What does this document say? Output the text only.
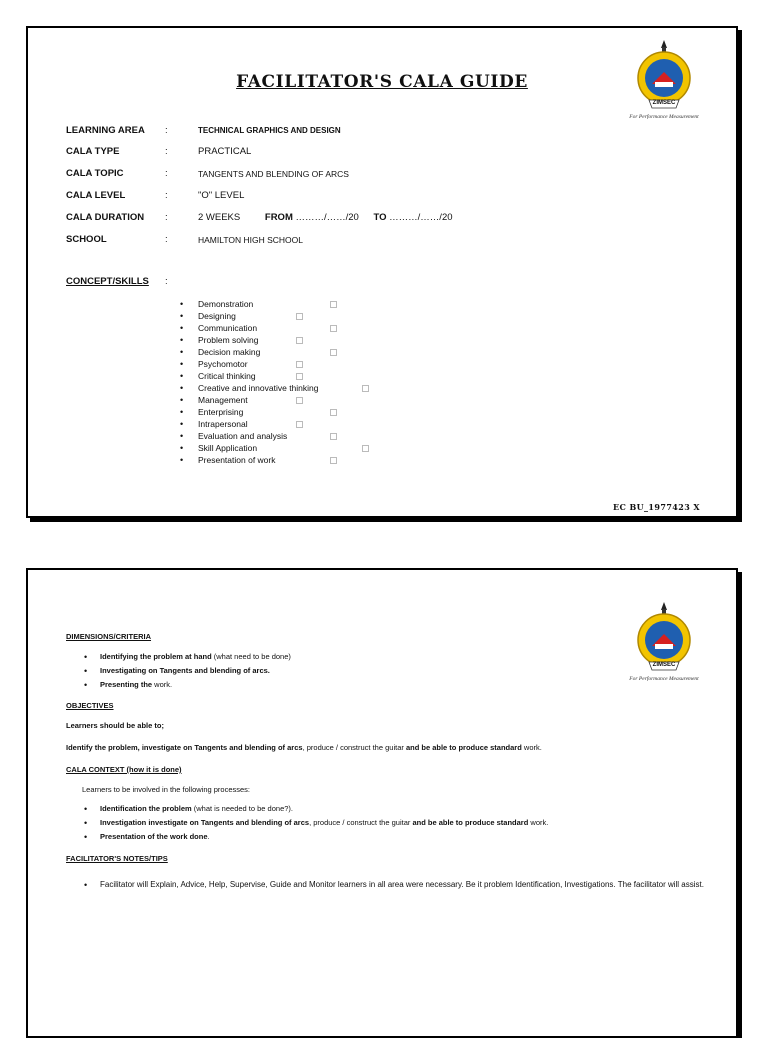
ZIMSEC
For Performance Measurement
FACILITATOR'S CALA GUIDE
LEARNING AREA	:	TECHNICAL GRAPHICS AND DESIGN
CALA TYPE	:	PRACTICAL
CALA TOPIC	:	TANGENTS AND BLENDING OF ARCS
CALA LEVEL	:	"O" LEVEL
CALA DURATION	:	2 WEEKS	FROM ………/……/20 TO ………/……/20
SCHOOL	:	HAMILTON HIGH SCHOOL
CONCEPT/SKILLS :
• Demonstration
• Designing
• Communication
• Problem solving
• Decision making
• Psychomotor
• Critical thinking
• Creative and innovative thinking
• Management
• Enterprising
• Intrapersonal
• Evaluation and analysis
• Skill Application
• Presentation of work
EC BU_1977423 X
ZIMSEC
For Performance Measurement
DIMENSIONS/CRITERIA
• Identifying the problem at hand (what need to be done)
• Investigating on Tangents and blending of arcs.
• Presenting the work.
OBJECTIVES
Learners should be able to;
Identify the problem, investigate on Tangents and blending of arcs, produce / construct the guitar and be able to produce standard work.
CALA CONTEXT (how it is done)
Learners to be involved in the following processes:
• Identification the problem (what is needed to be done?).
• Investigation investigate on Tangents and blending of arcs, produce / construct the guitar and be able to produce standard work.
• Presentation of the work done.
FACILITATOR'S NOTES/TIPS
•	Facilitator will Explain, Advice, Help, Supervise, Guide and Monitor learners in all area were necessary. Be it problem Identification, Investigations. The facilitator will assist.
